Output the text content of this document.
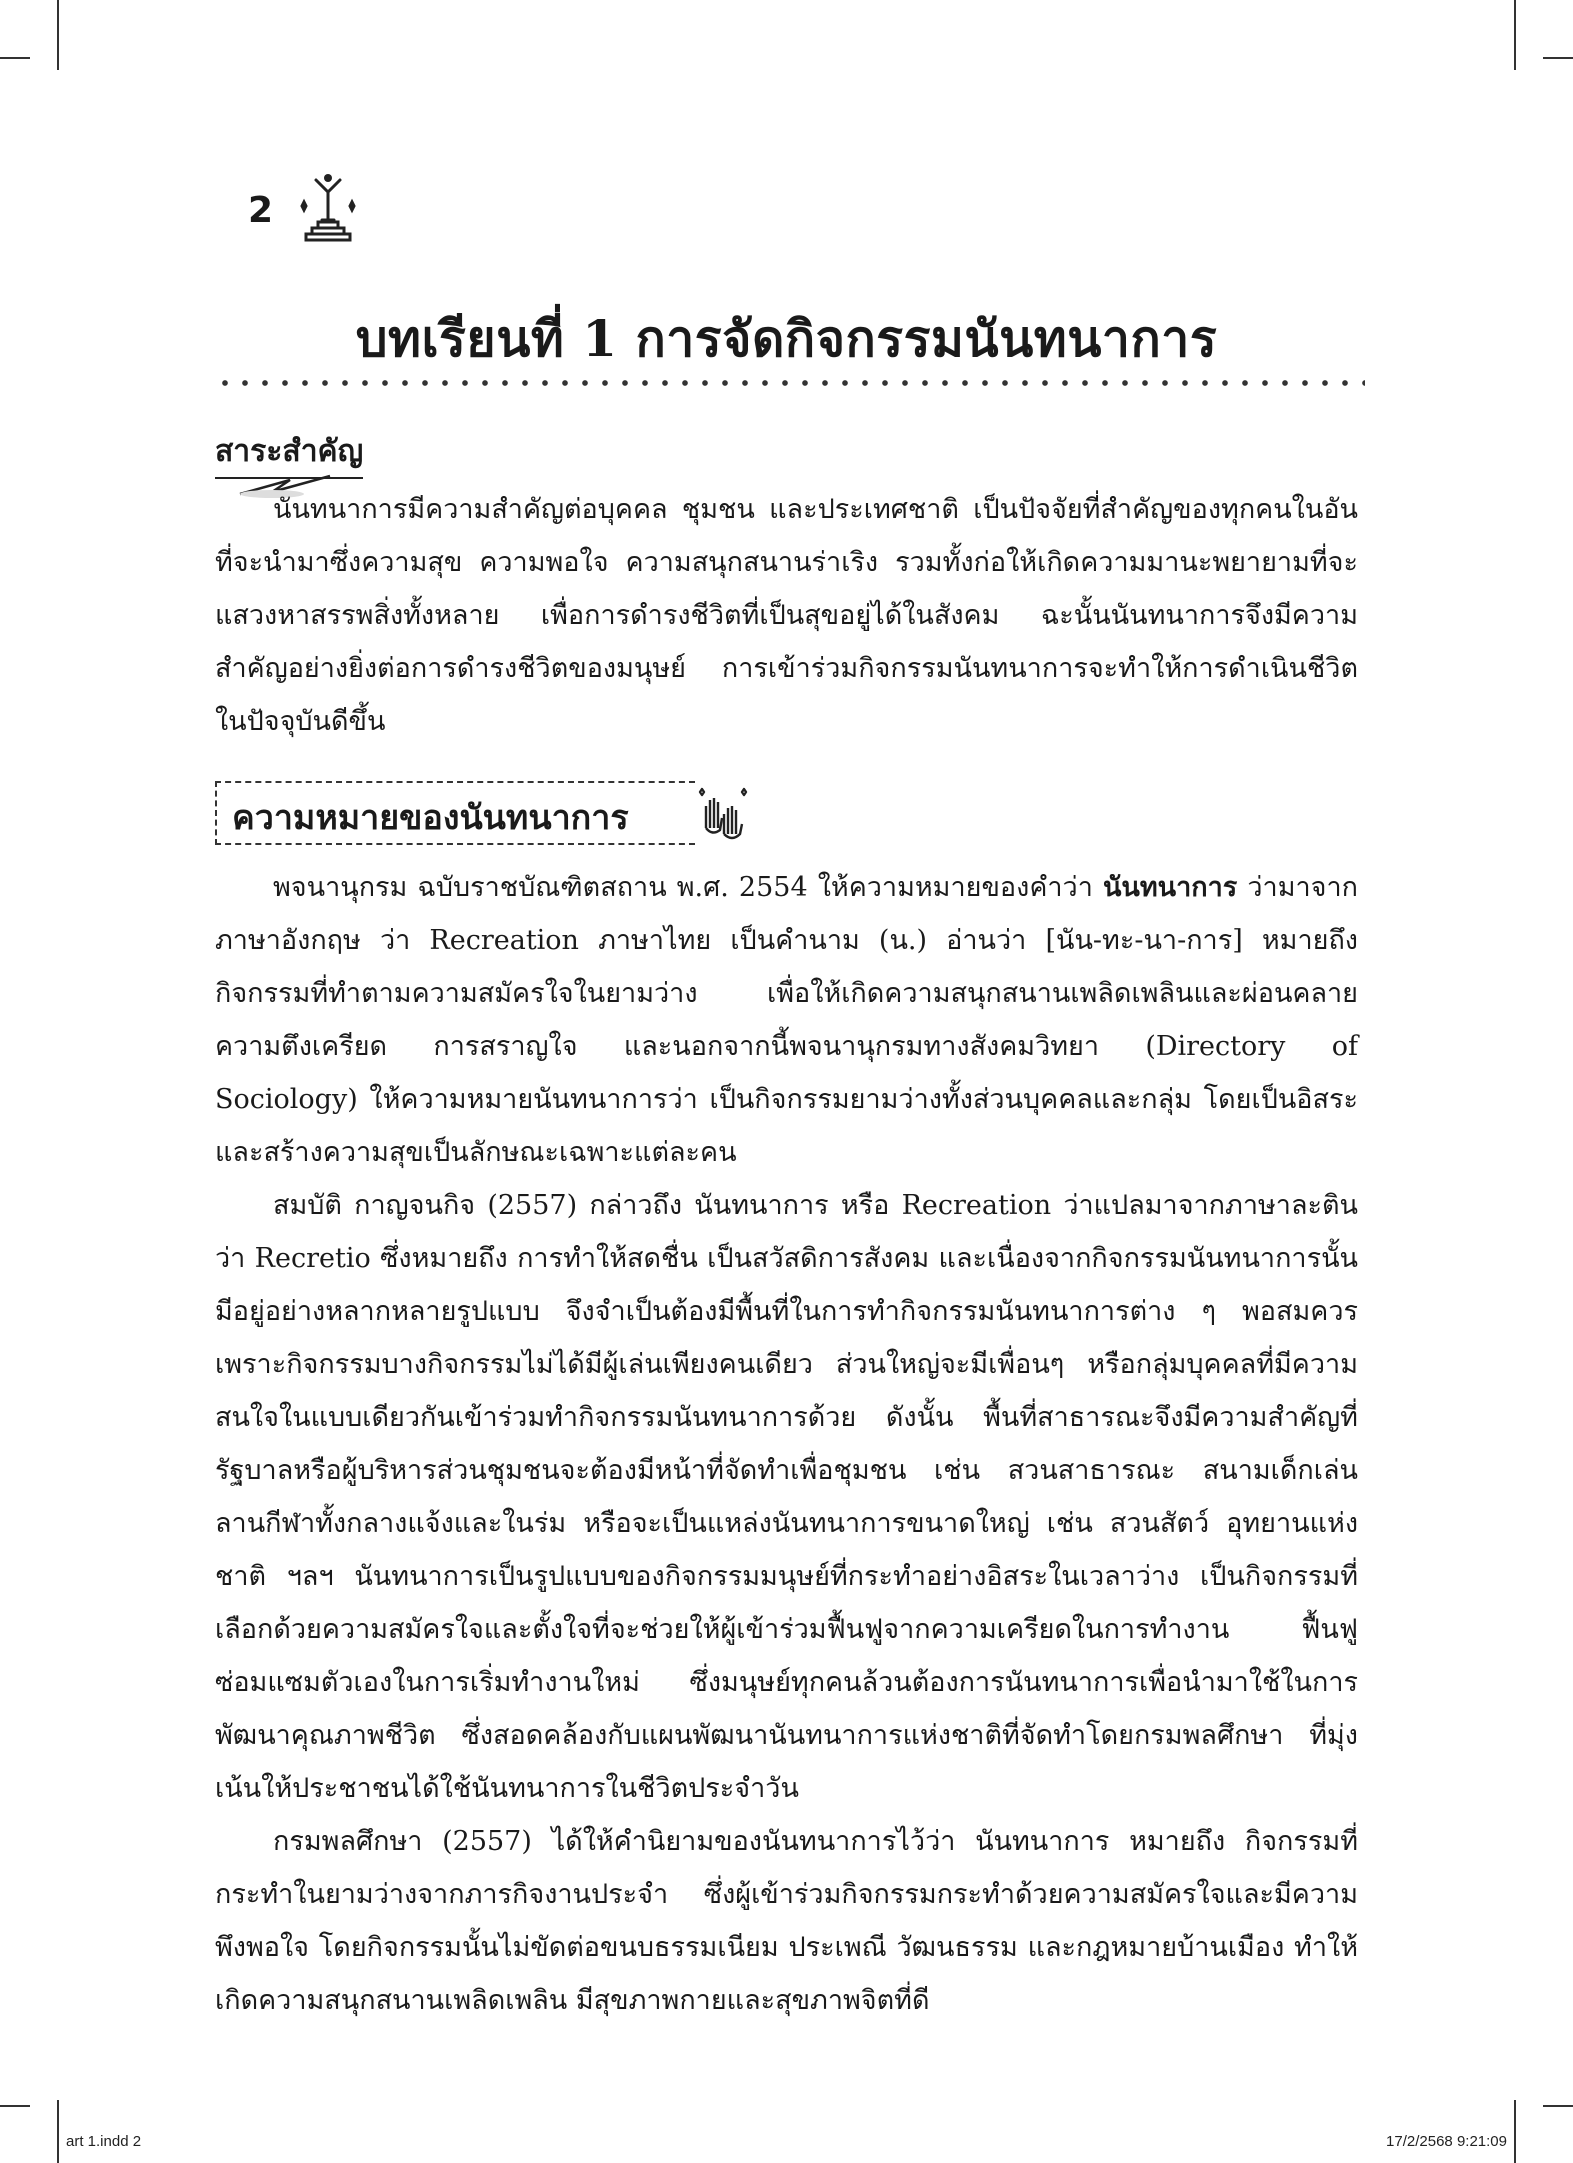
2
บทเรียนที่ 1 การจัดกิจกรรมนันทนาการ
สาระสำคัญ

นันทนาการมีความสำคัญต่อบุคคล ชุมชน และประเทศชาติ เป็นปัจจัยที่สำคัญของทุกคนในอันที่จะนำมาซึ่งความสุข ความพอใจ ความสนุกสนานร่าเริง รวมทั้งก่อให้เกิดความมานะพยายามที่จะแสวงหาสรรพสิ่งทั้งหลาย เพื่อการดำรงชีวิตที่เป็นสุขอยู่ได้ในสังคม ฉะนั้นนันทนาการจึงมีความสำคัญอย่างยิ่งต่อการดำรงชีวิตของมนุษย์ การเข้าร่วมกิจกรรมนันทนาการจะทำให้การดำเนินชีวิตในปัจจุบันดีขึ้น

ความหมายของนันทนาการ

พจนานุกรม ฉบับราชบัณฑิตสถาน พ.ศ. 2554 ให้ความหมายของคำว่า นันทนาการ ว่ามาจากภาษาอังกฤษ ว่า Recreation ภาษาไทย เป็นคำนาม (น.) อ่านว่า [นัน-ทะ-นา-การ] หมายถึงกิจกรรมที่ทำตามความสมัครใจในยามว่าง เพื่อให้เกิดความสนุกสนานเพลิดเพลินและผ่อนคลายความตึงเครียด การสราญใจ และนอกจากนี้พจนานุกรมทางสังคมวิทยา (Directory of Sociology) ให้ความหมายนันทนาการว่า เป็นกิจกรรมยามว่างทั้งส่วนบุคคลและกลุ่ม โดยเป็นอิสระและสร้างความสุขเป็นลักษณะเฉพาะแต่ละคน

สมบัติ กาญจนกิจ (2557) กล่าวถึง นันทนาการ หรือ Recreation ว่าแปลมาจากภาษาละติน ว่า Recretio ซึ่งหมายถึง การทำให้สดชื่น เป็นสวัสดิการสังคม และเนื่องจากกิจกรรมนันทนาการนั้นมีอยู่อย่างหลากหลายรูปแบบ จึงจำเป็นต้องมีพื้นที่ในการทำกิจกรรมนันทนาการต่าง ๆ พอสมควร เพราะกิจกรรมบางกิจกรรมไม่ได้มีผู้เล่นเพียงคนเดียว ส่วนใหญ่จะมีเพื่อนๆ หรือกลุ่มบุคคลที่มีความสนใจในแบบเดียวกันเข้าร่วมทำกิจกรรมนันทนาการด้วย ดังนั้น พื้นที่สาธารณะจึงมีความสำคัญที่รัฐบาลหรือผู้บริหารส่วนชุมชนจะต้องมีหน้าที่จัดทำเพื่อชุมชน เช่น สวนสาธารณะ สนามเด็กเล่น ลานกีฬาทั้งกลางแจ้งและในร่ม หรือจะเป็นแหล่งนันทนาการขนาดใหญ่ เช่น สวนสัตว์ อุทยานแห่งชาติ ฯลฯ นันทนาการเป็นรูปแบบของกิจกรรมมนุษย์ที่กระทำอย่างอิสระในเวลาว่าง เป็นกิจกรรมที่เลือกด้วยความสมัครใจและตั้งใจที่จะช่วยให้ผู้เข้าร่วมฟื้นฟูจากความเครียดในการทำงาน ฟื้นฟูซ่อมแซมตัวเองในการเริ่มทำงานใหม่ ซึ่งมนุษย์ทุกคนล้วนต้องการนันทนาการเพื่อนำมาใช้ในการพัฒนาคุณภาพชีวิต ซึ่งสอดคล้องกับแผนพัฒนานันทนาการแห่งชาติที่จัดทำโดยกรมพลศึกษา ที่มุ่งเน้นให้ประชาชนได้ใช้นันทนาการในชีวิตประจำวัน

กรมพลศึกษา (2557) ได้ให้คำนิยามของนันทนาการไว้ว่า นันทนาการ หมายถึง กิจกรรมที่กระทำในยามว่างจากภารกิจงานประจำ ซึ่งผู้เข้าร่วมกิจกรรมกระทำด้วยความสมัครใจและมีความพึงพอใจ โดยกิจกรรมนั้นไม่ขัดต่อขนบธรรมเนียม ประเพณี วัฒนธรรม และกฎหมายบ้านเมือง ทำให้เกิดความสนุกสนานเพลิดเพลิน มีสุขภาพกายและสุขภาพจิตที่ดี

art 1.indd 2	17/2/2568 9:21:09
